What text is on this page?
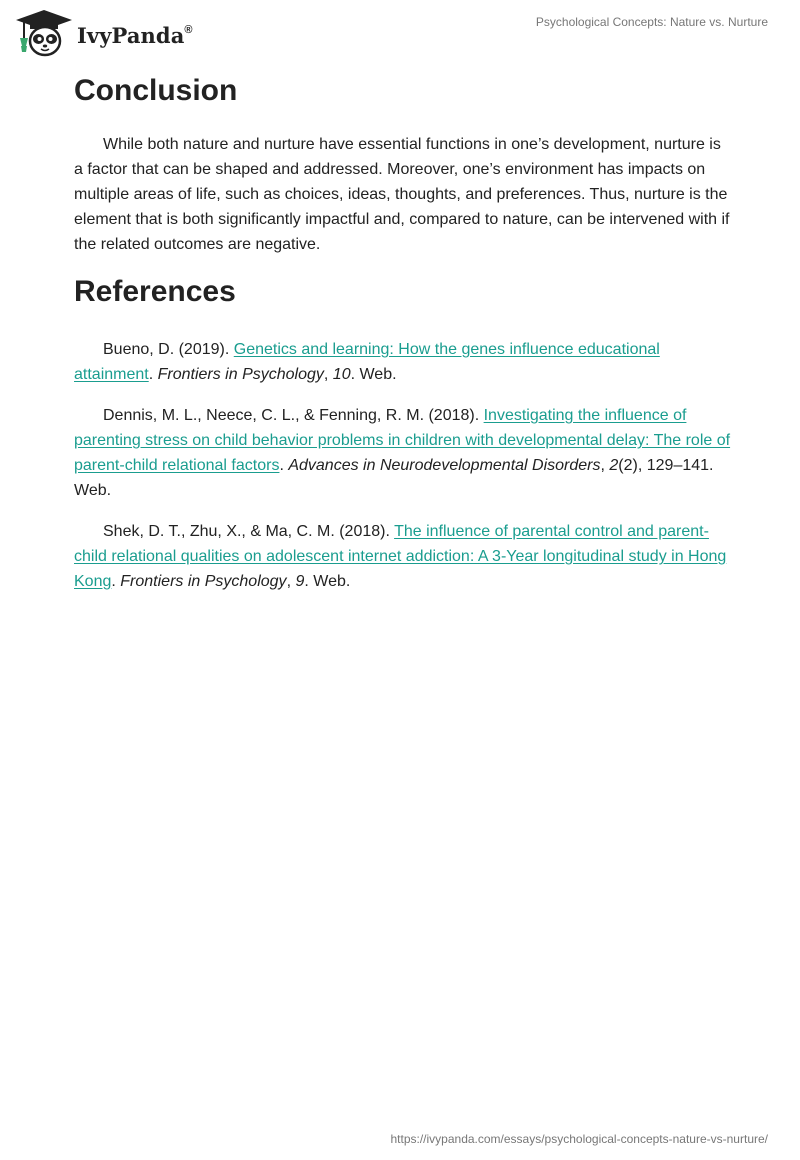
IvyPanda®
Psychological Concepts: Nature vs. Nurture
Conclusion

While both nature and nurture have essential functions in one’s development, nurture is a factor that can be shaped and addressed. Moreover, one’s environment has impacts on multiple areas of life, such as choices, ideas, thoughts, and preferences. Thus, nurture is the element that is both significantly impactful and, compared to nature, can be intervened with if the related outcomes are negative.

References

Bueno, D. (2019). Genetics and learning: How the genes influence educational attainment. Frontiers in Psychology, 10. Web.

Dennis, M. L., Neece, C. L., & Fenning, R. M. (2018). Investigating the influence of parenting stress on child behavior problems in children with developmental delay: The role of parent-child relational factors. Advances in Neurodevelopmental Disorders, 2(2), 129–141. Web.

Shek, D. T., Zhu, X., & Ma, C. M. (2018). The influence of parental control and parent-child relational qualities on adolescent internet addiction: A 3-Year longitudinal study in Hong Kong. Frontiers in Psychology, 9. Web.

https://ivypanda.com/essays/psychological-concepts-nature-vs-nurture/
